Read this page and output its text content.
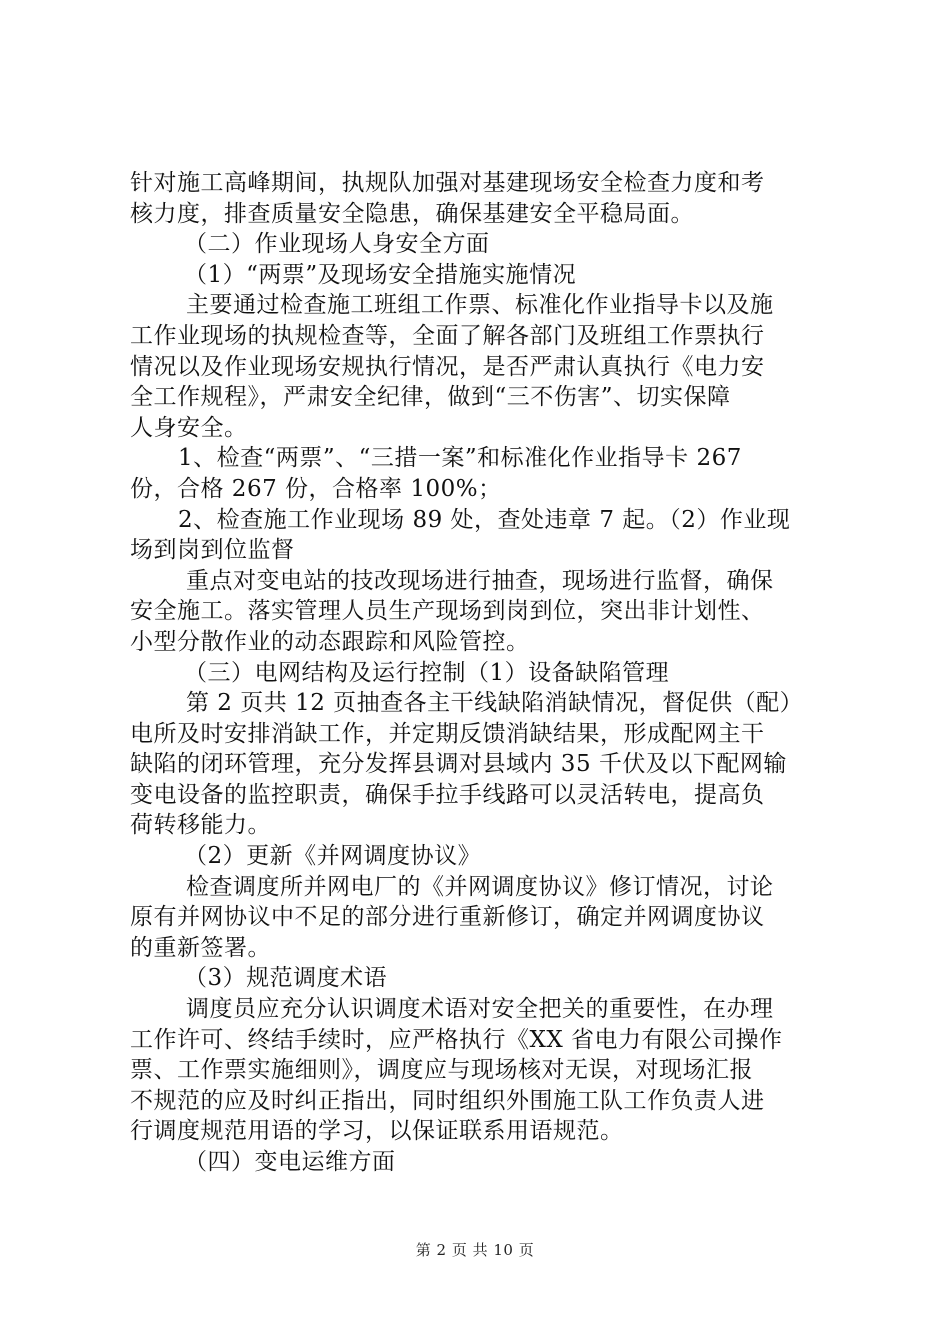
针对施工高峰期间，执规队加强对基建现场安全检查力度和考
核力度，排查质量安全隐患，确保基建安全平稳局面。
（二）作业现场人身安全方面
（1）“两票”及现场安全措施实施情况
主要通过检查施工班组工作票、标准化作业指导卡以及施
工作业现场的执规检查等，全面了解各部门及班组工作票执行
情况以及作业现场安规执行情况，是否严肃认真执行《电力安
全工作规程》，严肃安全纪律，做到“三不伤害”、切实保障
人身安全。
1、检查“两票”、“三措一案”和标准化作业指导卡 267
份，合格 267 份，合格率 100%；
2、检查施工作业现场 89 处，查处违章 7 起。（2）作业现
场到岗到位监督
重点对变电站的技改现场进行抽查，现场进行监督，确保
安全施工。落实管理人员生产现场到岗到位，突出非计划性、
小型分散作业的动态跟踪和风险管控。
（三）电网结构及运行控制（1）设备缺陷管理
第 2 页共 12 页抽查各主干线缺陷消缺情况，督促供（配）
电所及时安排消缺工作，并定期反馈消缺结果，形成配网主干
缺陷的闭环管理，充分发挥县调对县域内 35 千伏及以下配网输
变电设备的监控职责，确保手拉手线路可以灵活转电，提高负
荷转移能力。
（2）更新《并网调度协议》
检查调度所并网电厂的《并网调度协议》修订情况，讨论
原有并网协议中不足的部分进行重新修订，确定并网调度协议
的重新签署。
（3）规范调度术语
调度员应充分认识调度术语对安全把关的重要性，在办理
工作许可、终结手续时，应严格执行《XX 省电力有限公司操作
票、工作票实施细则》，调度应与现场核对无误，对现场汇报
不规范的应及时纠正指出，同时组织外围施工队工作负责人进
行调度规范用语的学习，以保证联系用语规范。
（四）变电运维方面
第 2 页 共 10 页
